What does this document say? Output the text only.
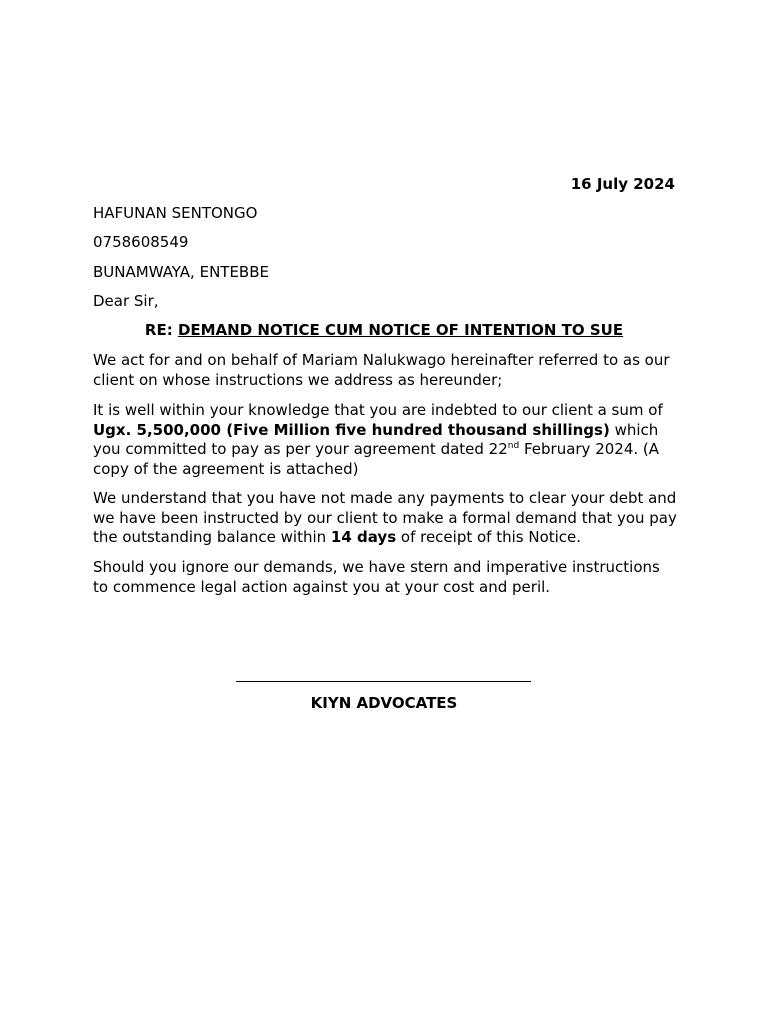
16 July 2024
HAFUNAN SENTONGO
0758608549
BUNAMWAYA, ENTEBBE
Dear Sir,
RE: DEMAND NOTICE CUM NOTICE OF INTENTION TO SUE

We act for and on behalf of Mariam Nalukwago hereinafter referred to as our client on whose instructions we address as hereunder;

It is well within your knowledge that you are indebted to our client a sum of Ugx. 5,500,000 (Five Million five hundred thousand shillings) which you committed to pay as per your agreement dated 22nd February 2024. (A copy of the agreement is attached)

We understand that you have not made any payments to clear your debt and we have been instructed by our client to make a formal demand that you pay the outstanding balance within 14 days of receipt of this Notice.

Should you ignore our demands, we have stern and imperative instructions to commence legal action against you at your cost and peril.

KIYN ADVOCATES
